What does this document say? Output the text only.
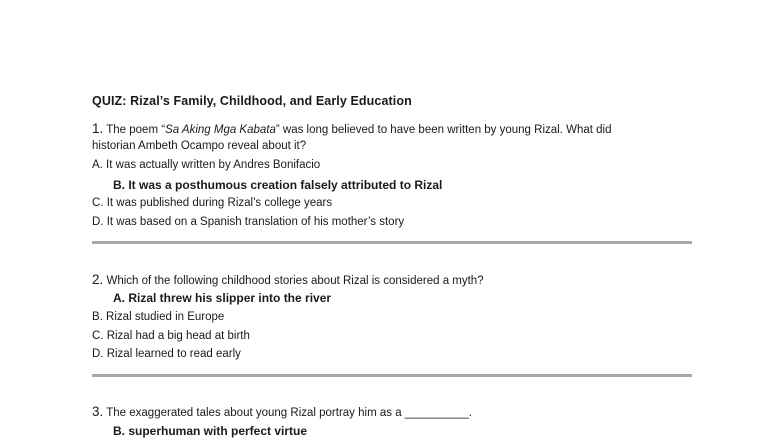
QUIZ: Rizal’s Family, Childhood, and Early Education
1. The poem “Sa Aking Mga Kabata” was long believed to have been written by young Rizal. What did
historian Ambeth Ocampo reveal about it?
A. It was actually written by Andres Bonifacio
B. It was a posthumous creation falsely attributed to Rizal
C. It was published during Rizal’s college years
D. It was based on a Spanish translation of his mother’s story
2. Which of the following childhood stories about Rizal is considered a myth?
A. Rizal threw his slipper into the river
B. Rizal studied in Europe
C. Rizal had a big head at birth
D. Rizal learned to read early
3. The exaggerated tales about young Rizal portray him as a __________.
B. superhuman with perfect virtue
